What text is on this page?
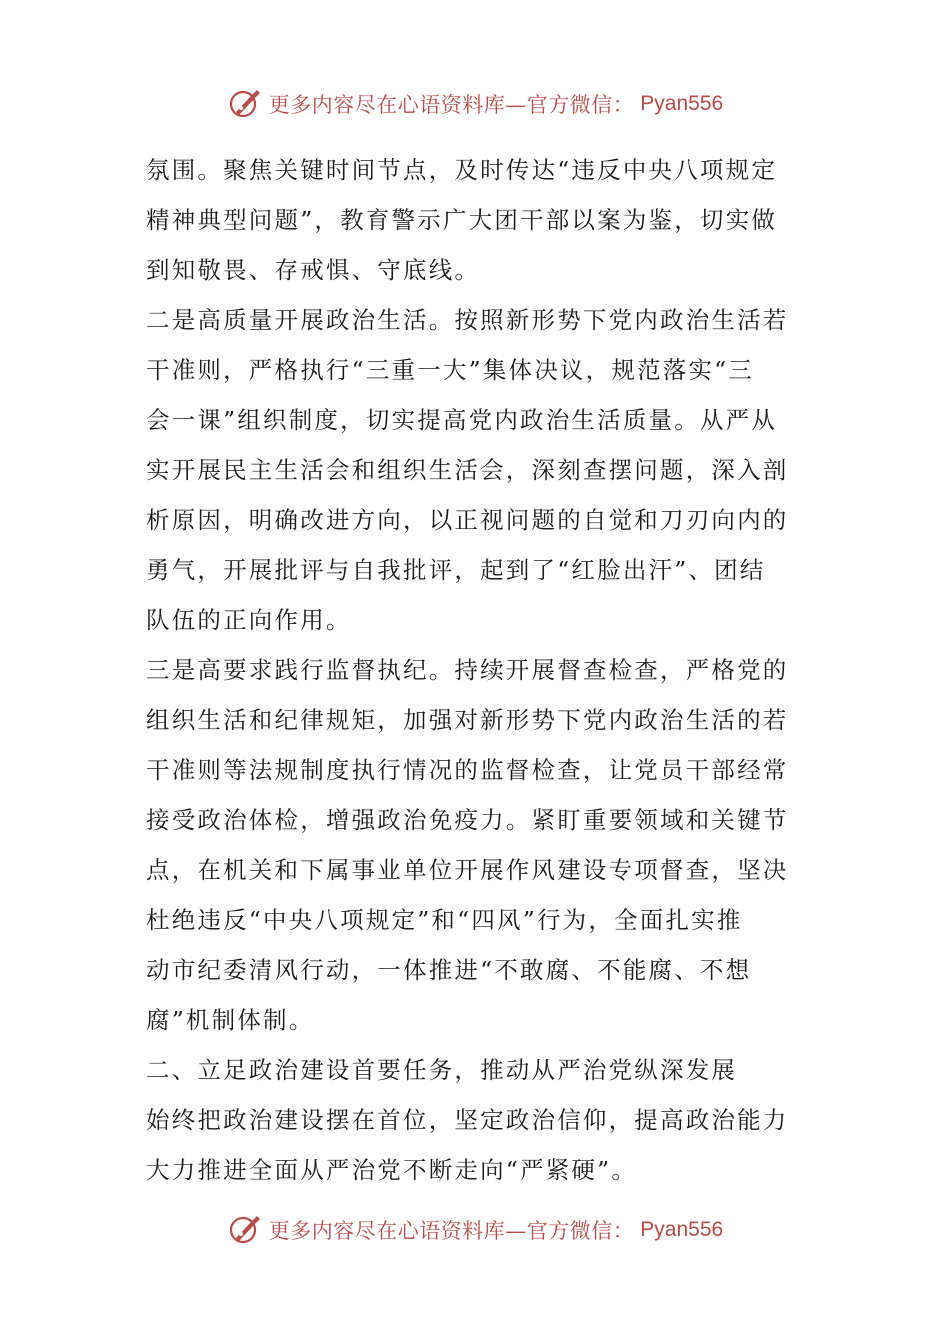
更多内容尽在心语资料库—官方微信： Pyan556
氛围。聚焦关键时间节点，及时传达“违反中央八项规定
精神典型问题”，教育警示广大团干部以案为鉴，切实做
到知敬畏、存戒惧、守底线。
二是高质量开展政治生活。按照新形势下党内政治生活若
干准则，严格执行“三重一大”集体决议，规范落实“三
会一课”组织制度，切实提高党内政治生活质量。从严从
实开展民主生活会和组织生活会，深刻查摆问题，深入剖
析原因，明确改进方向，以正视问题的自觉和刀刃向内的
勇气，开展批评与自我批评，起到了“红脸出汗”、团结
队伍的正向作用。
三是高要求践行监督执纪。持续开展督查检查，严格党的
组织生活和纪律规矩，加强对新形势下党内政治生活的若
干准则等法规制度执行情况的监督检查，让党员干部经常
接受政治体检，增强政治免疫力。紧盯重要领域和关键节
点，在机关和下属事业单位开展作风建设专项督查，坚决
杜绝违反“中央八项规定”和“四风”行为，全面扎实推
动市纪委清风行动，一体推进“不敢腐、不能腐、不想
腐”机制体制。
二、立足政治建设首要任务，推动从严治党纵深发展
始终把政治建设摆在首位，坚定政治信仰，提高政治能力
大力推进全面从严治党不断走向“严紧硬”。
更多内容尽在心语资料库—官方微信： Pyan556
